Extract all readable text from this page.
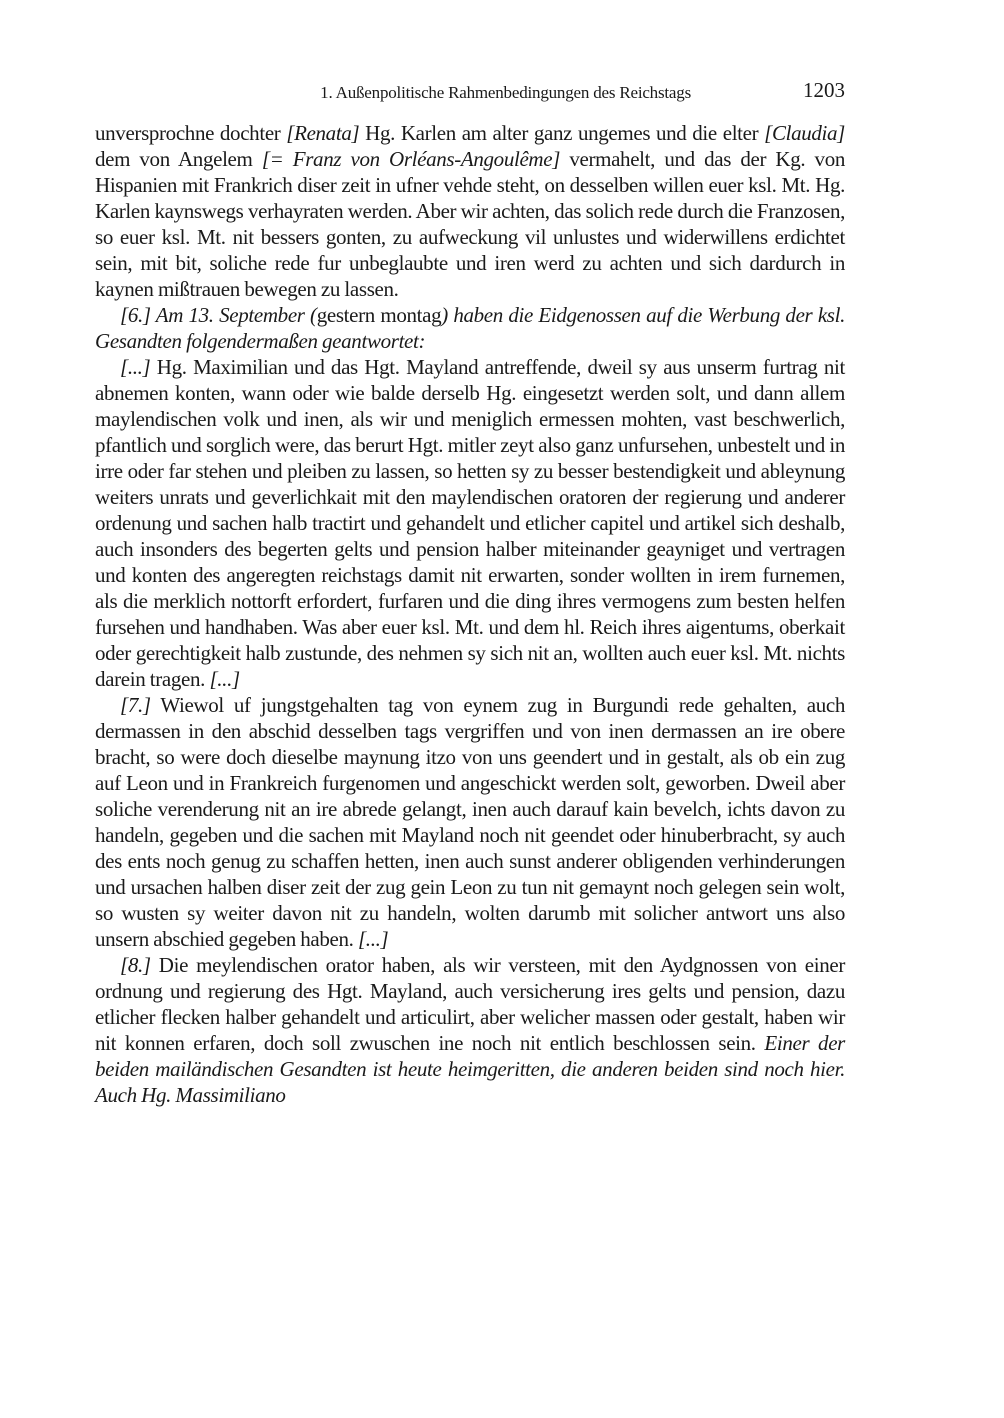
1. Außenpolitische Rahmenbedingungen des Reichstags	1203

unversprochne dochter [Renata] Hg. Karlen am alter ganz ungemes und die elter [Claudia] dem von Angelem [= Franz von Orléans-Angoulême] vermahelt, und das der Kg. von Hispanien mit Frankrich diser zeit in ufner vehde steht, on desselben willen euer ksl. Mt. Hg. Karlen kaynswegs verhayraten werden. Aber wir achten, das solich rede durch die Franzosen, so euer ksl. Mt. nit bessers gonten, zu aufweckung vil unlustes und widerwillens erdichtet sein, mit bit, soliche rede fur unbeglaubte und iren werd zu achten und sich dardurch in kaynen mißtrauen bewegen zu lassen.

[6.] Am 13. September (gestern montag) haben die Eidgenossen auf die Werbung der ksl. Gesandten folgendermaßen geantwortet:

[...] Hg. Maximilian und das Hgt. Mayland antreffende, dweil sy aus unserm furtrag nit abnemen konten, wann oder wie balde derselb Hg. eingesetzt werden solt, und dann allem maylendischen volk und inen, als wir und meniglich ermessen mohten, vast beschwerlich, pfantlich und sorglich were, das berurt Hgt. mitler zeyt also ganz unfursehen, unbestelt und in irre oder far stehen und pleiben zu lassen, so hetten sy zu besser bestendigkeit und ableynung weiters unrats und geverlichkait mit den maylendischen oratoren der regierung und anderer ordenung und sachen halb tractirt und gehandelt und etlicher capitel und artikel sich deshalb, auch insonders des begerten gelts und pension halber miteinander geayniget und vertragen und konten des angeregten reichstags damit nit erwarten, sonder wollten in irem furnemen, als die merklich nottorft erfordert, furfaren und die ding ihres vermogens zum besten helfen fursehen und handhaben. Was aber euer ksl. Mt. und dem hl. Reich ihres aigentums, oberkait oder gerechtigkeit halb zustunde, des nehmen sy sich nit an, wollten auch euer ksl. Mt. nichts darein tragen. [...]

[7.] Wiewol uf jungstgehalten tag von eynem zug in Burgundi rede gehalten, auch dermassen in den abschid desselben tags vergriffen und von inen dermassen an ire obere bracht, so were doch dieselbe maynung itzo von uns geendert und in gestalt, als ob ein zug auf Leon und in Frankreich furgenomen und angeschickt werden solt, geworben. Dweil aber soliche verenderung nit an ire abrede gelangt, inen auch darauf kain bevelch, ichts davon zu handeln, gegeben und die sachen mit Mayland noch nit geendet oder hinuberbracht, sy auch des ents noch genug zu schaffen hetten, inen auch sunst anderer obligenden verhinderungen und ursachen halben diser zeit der zug gein Leon zu tun nit gemaynt noch gelegen sein wolt, so wusten sy weiter davon nit zu handeln, wolten darumb mit solicher antwort uns also unsern abschied gegeben haben. [...]

[8.] Die meylendischen orator haben, als wir versteen, mit den Aydgnossen von einer ordnung und regierung des Hgt. Mayland, auch versicherung ires gelts und pension, dazu etlicher flecken halber gehandelt und articulirt, aber welicher massen oder gestalt, haben wir nit konnen erfaren, doch soll zwuschen ine noch nit entlich beschlossen sein. Einer der beiden mailändischen Gesandten ist heute heimgeritten, die anderen beiden sind noch hier. Auch Hg. Massimiliano
